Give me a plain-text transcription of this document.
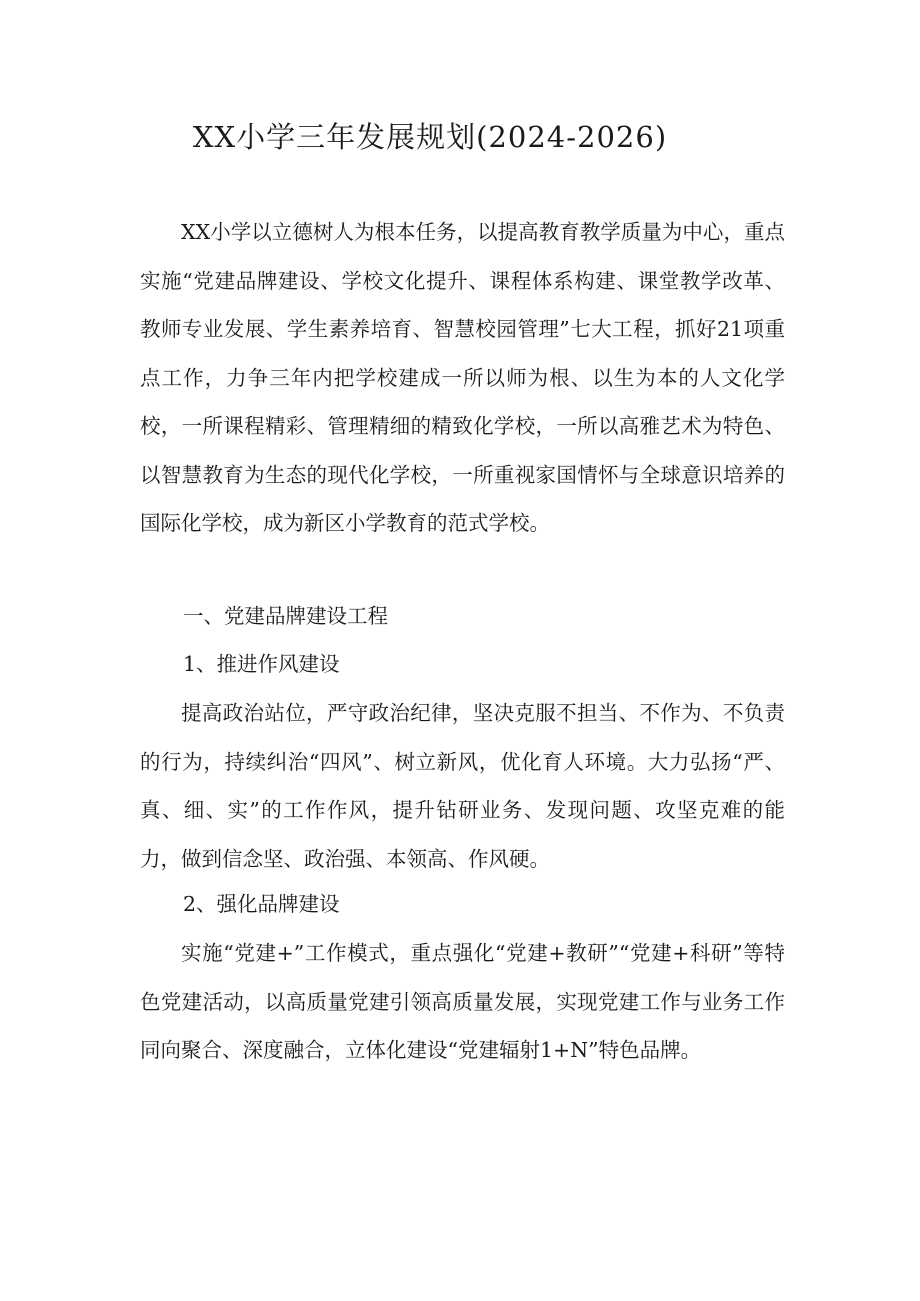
XX小学三年发展规划(2024-2026)

XX小学以立德树人为根本任务，以提高教育教学质量为中心，重点实施“党建品牌建设、学校文化提升、课程体系构建、课堂教学改革、教师专业发展、学生素养培育、智慧校园管理”七大工程，抓好21项重点工作，力争三年内把学校建成一所以师为根、以生为本的人文化学校，一所课程精彩、管理精细的精致化学校，一所以高雅艺术为特色、以智慧教育为生态的现代化学校，一所重视家国情怀与全球意识培养的国际化学校，成为新区小学教育的范式学校。

一、党建品牌建设工程

1、推进作风建设

提高政治站位，严守政治纪律，坚决克服不担当、不作为、不负责的行为，持续纠治“四风”、树立新风，优化育人环境。大力弘扬“严、真、细、实”的工作作风，提升钻研业务、发现问题、攻坚克难的能力，做到信念坚、政治强、本领高、作风硬。

2、强化品牌建设

实施“党建+”工作模式，重点强化“党建+教研”“党建+科研”等特色党建活动，以高质量党建引领高质量发展，实现党建工作与业务工作同向聚合、深度融合，立体化建设“党建辐射1+N”特色品牌。
